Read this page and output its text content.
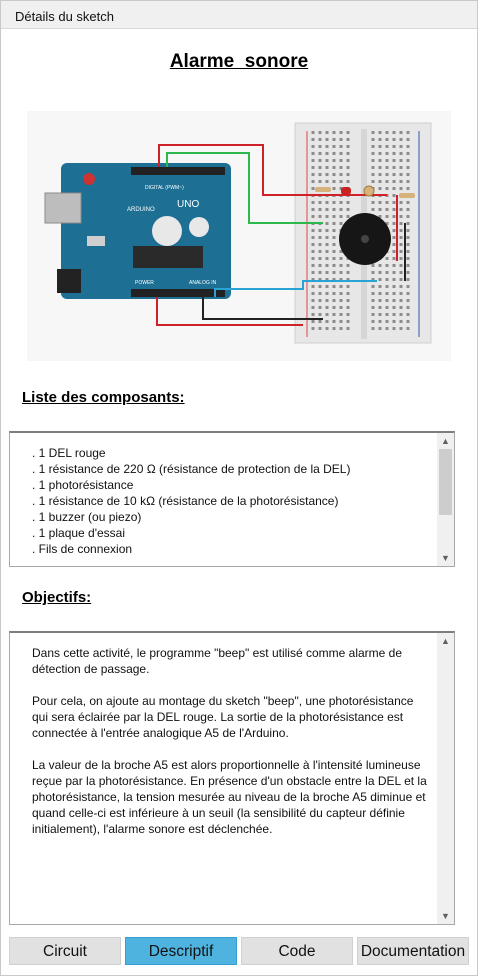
Détails du sketch
Alarme  sonore
DIGITAL (PWM~)
ARDUINO UNO
POWER	ANALOG IN
Liste des composants:
. 1 DEL rouge
. 1 résistance de 220 Ω (résistance de protection de la DEL)
. 1 photorésistance
. 1 résistance de 10 kΩ (résistance de la photorésistance)
. 1 buzzer (ou piezo)
. 1 plaque d'essai
. Fils de connexion
▲
▼
Objectifs:
Dans cette activité, le programme "beep" est utilisé comme alarme de détection de passage.
Pour cela, on ajoute au montage du sketch "beep", une photorésistance qui sera éclairée par la DEL rouge. La sortie de la photorésistance est connectée à l'entrée analogique A5 de l'Arduino.
La valeur de la broche A5 est alors proportionnelle à l'intensité lumineuse reçue par la photorésistance. En présence d'un obstacle entre la DEL et la photorésistance, la tension mesurée au niveau de la broche A5 diminue et quand celle-ci est inférieure à un seuil (la sensibilité du capteur définie initialement), l'alarme sonore est déclenchée.
▲
▼
Circuit	Descriptif	Code	Documentation
